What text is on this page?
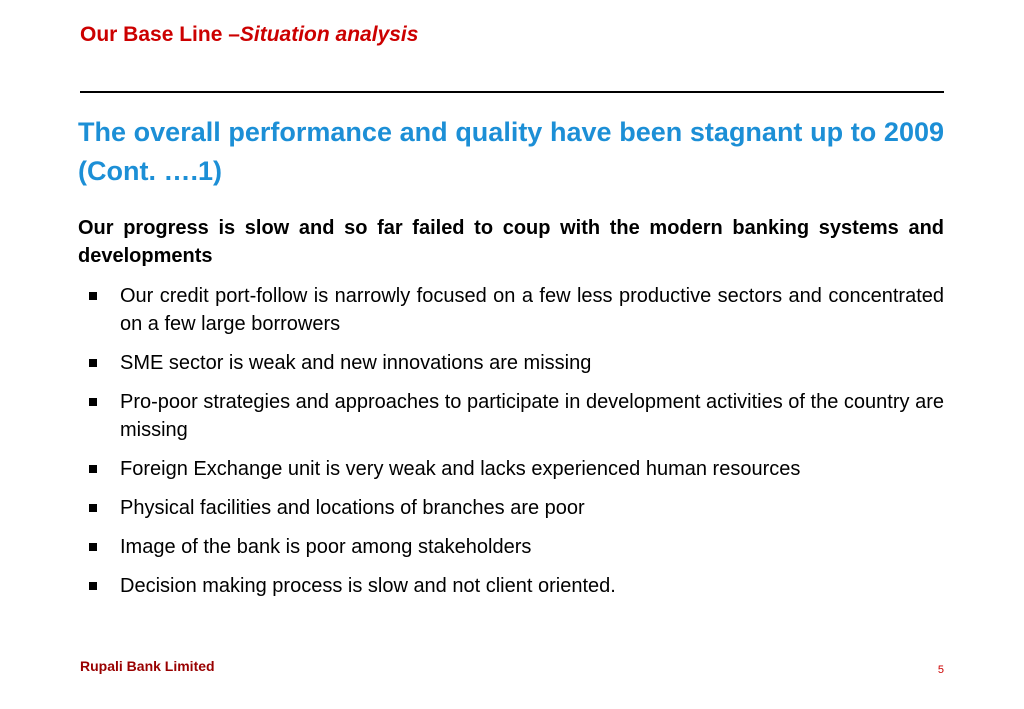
Our Base Line –Situation analysis
The overall performance and quality have been stagnant up to 2009 (Cont. ….1)
Our progress is slow and so far failed to coup with the modern banking systems and developments
Our credit port-follow is narrowly focused on a few less productive sectors and concentrated on a few large borrowers
SME sector is weak and new innovations are missing
Pro-poor strategies and approaches to participate in development activities of the country are missing
Foreign Exchange unit is very weak and lacks experienced human resources
Physical facilities and locations of branches are poor
Image of the bank is poor among stakeholders
Decision making process is slow and not client oriented.
Rupali Bank Limited	5
